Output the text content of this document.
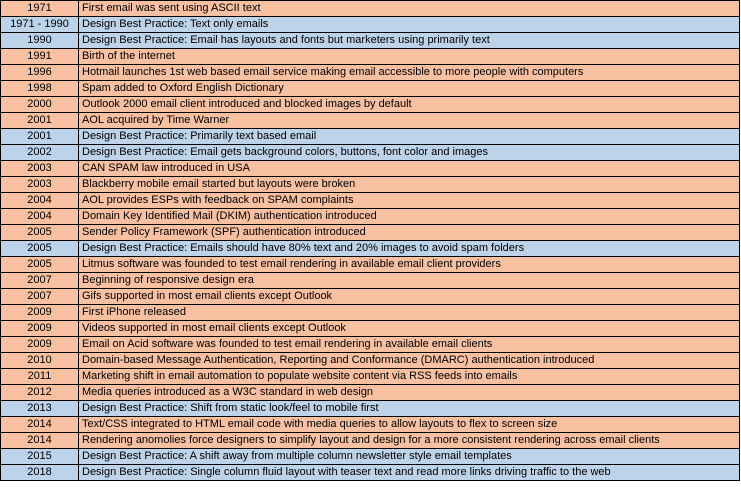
1971	First email was sent using ASCII text
1971 - 1990	Design Best Practice: Text only emails
1990	Design Best Practice: Email has layouts and fonts but marketers using primarily text
1991	Birth of the internet
1996	Hotmail launches 1st web based email service making email accessible to more people with computers
1998	Spam added to Oxford English Dictionary
2000	Outlook 2000 email client introduced and blocked images by default
2001	AOL acquired by Time Warner
2001	Design Best Practice: Primarily text based email
2002	Design Best Practice: Email gets background colors, buttons, font color and images
2003	CAN SPAM law introduced in USA
2003	Blackberry mobile email started but layouts were broken
2004	AOL provides ESPs with feedback on SPAM complaints
2004	Domain Key Identified Mail (DKIM) authentication introduced
2005	Sender Policy Framework (SPF) authentication introduced
2005	Design Best Practice: Emails should have 80% text and 20% images to avoid spam folders
2005	Litmus software was founded to test email rendering in available email client providers
2007	Beginning of responsive design era
2007	Gifs supported in most email clients except Outlook
2009	First iPhone released
2009	Videos supported in most email clients except Outlook
2009	Email on Acid software was founded to test email rendering in available email clients
2010	Domain-based Message Authentication, Reporting and Conformance (DMARC) authentication introduced
2011	Marketing shift in email automation to populate website content via RSS feeds into emails
2012	Media queries introduced as a W3C standard in web design
2013	Design Best Practice: Shift from static look/feel to mobile first
2014	Text/CSS integrated to HTML email code with media queries to allow layouts to flex to screen size
2014	Rendering anomolies force designers to simplify layout and design for a more consistent rendering across email clients
2015	Design Best Practice: A shift away from multiple column newsletter style email templates
2018	Design Best Practice: Single column fluid layout with teaser text and read more links driving traffic to the web
